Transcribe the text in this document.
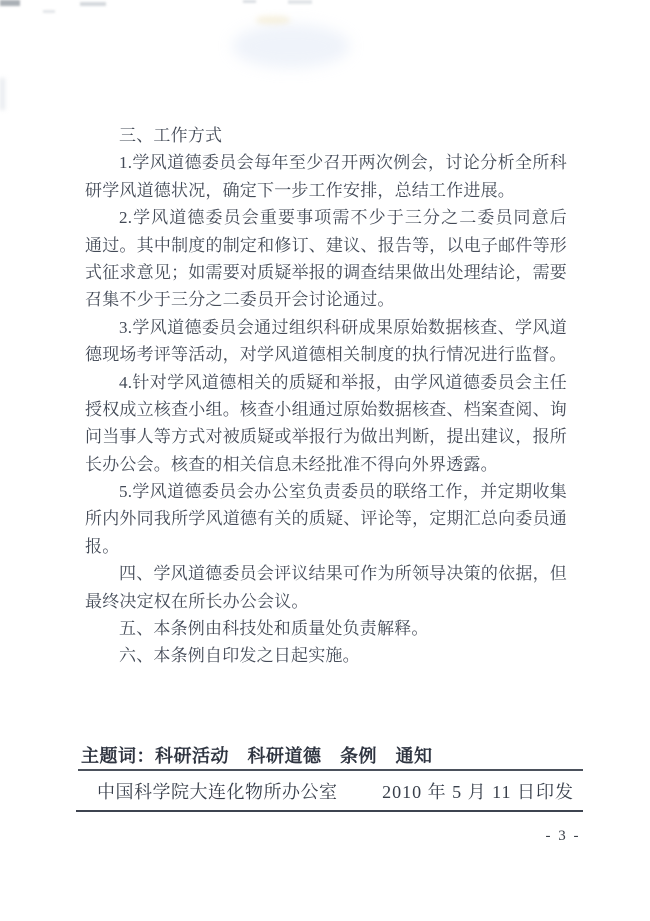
三、工作方式
1.学风道德委员会每年至少召开两次例会，讨论分析全所科
研学风道德状况，确定下一步工作安排，总结工作进展。
2.学风道德委员会重要事项需不少于三分之二委员同意后
通过。其中制度的制定和修订、建议、报告等，以电子邮件等形
式征求意见；如需要对质疑举报的调查结果做出处理结论，需要
召集不少于三分之二委员开会讨论通过。
3.学风道德委员会通过组织科研成果原始数据核查、学风道
德现场考评等活动，对学风道德相关制度的执行情况进行监督。
4.针对学风道德相关的质疑和举报，由学风道德委员会主任
授权成立核查小组。核查小组通过原始数据核查、档案查阅、询
问当事人等方式对被质疑或举报行为做出判断，提出建议，报所
长办公会。核查的相关信息未经批准不得向外界透露。
5.学风道德委员会办公室负责委员的联络工作，并定期收集
所内外同我所学风道德有关的质疑、评论等，定期汇总向委员通
报。
四、学风道德委员会评议结果可作为所领导决策的依据，但
最终决定权在所长办公会议。
五、本条例由科技处和质量处负责解释。
六、本条例自印发之日起实施。
主题词：科研活动　科研道德　条例　通知
中国科学院大连化物所办公室 2010 年 5 月 11 日印发
- 3 -
